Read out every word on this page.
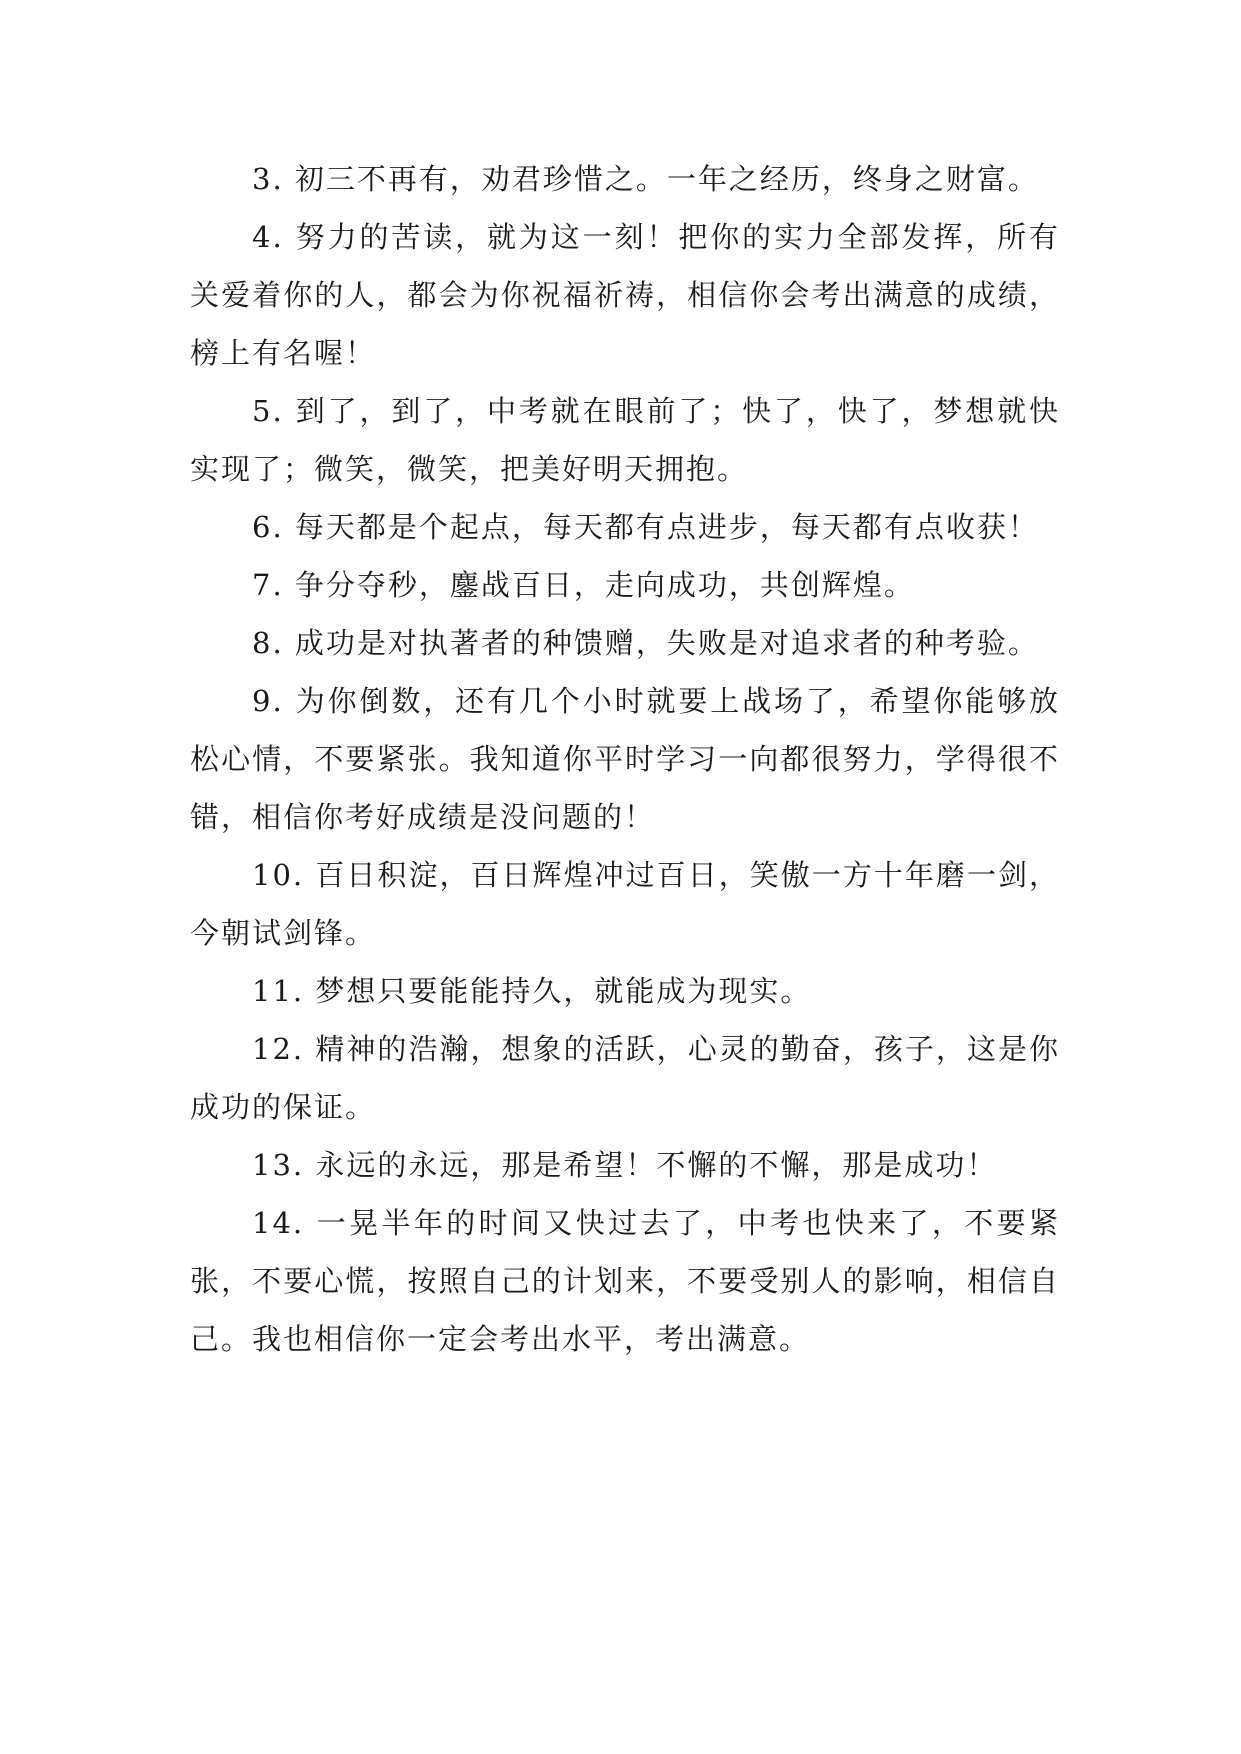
3. 初三不再有，劝君珍惜之。一年之经历，终身之财富。

4. 努力的苦读，就为这一刻！把你的实力全部发挥，所有关爱着你的人，都会为你祝福祈祷，相信你会考出满意的成绩，榜上有名喔！

5. 到了，到了，中考就在眼前了；快了，快了，梦想就快实现了；微笑，微笑，把美好明天拥抱。

6. 每天都是个起点，每天都有点进步，每天都有点收获！

7. 争分夺秒，鏖战百日，走向成功，共创辉煌。

8. 成功是对执著者的种馈赠，失败是对追求者的种考验。

9. 为你倒数，还有几个小时就要上战场了，希望你能够放松心情，不要紧张。我知道你平时学习一向都很努力，学得很不错，相信你考好成绩是没问题的！

10. 百日积淀，百日辉煌冲过百日，笑傲一方十年磨一剑，今朝试剑锋。

11. 梦想只要能能持久，就能成为现实。

12. 精神的浩瀚，想象的活跃，心灵的勤奋，孩子，这是你成功的保证。

13. 永远的永远，那是希望！不懈的不懈，那是成功！

14. 一晃半年的时间又快过去了，中考也快来了，不要紧张，不要心慌，按照自己的计划来，不要受别人的影响，相信自己。我也相信你一定会考出水平，考出满意。
